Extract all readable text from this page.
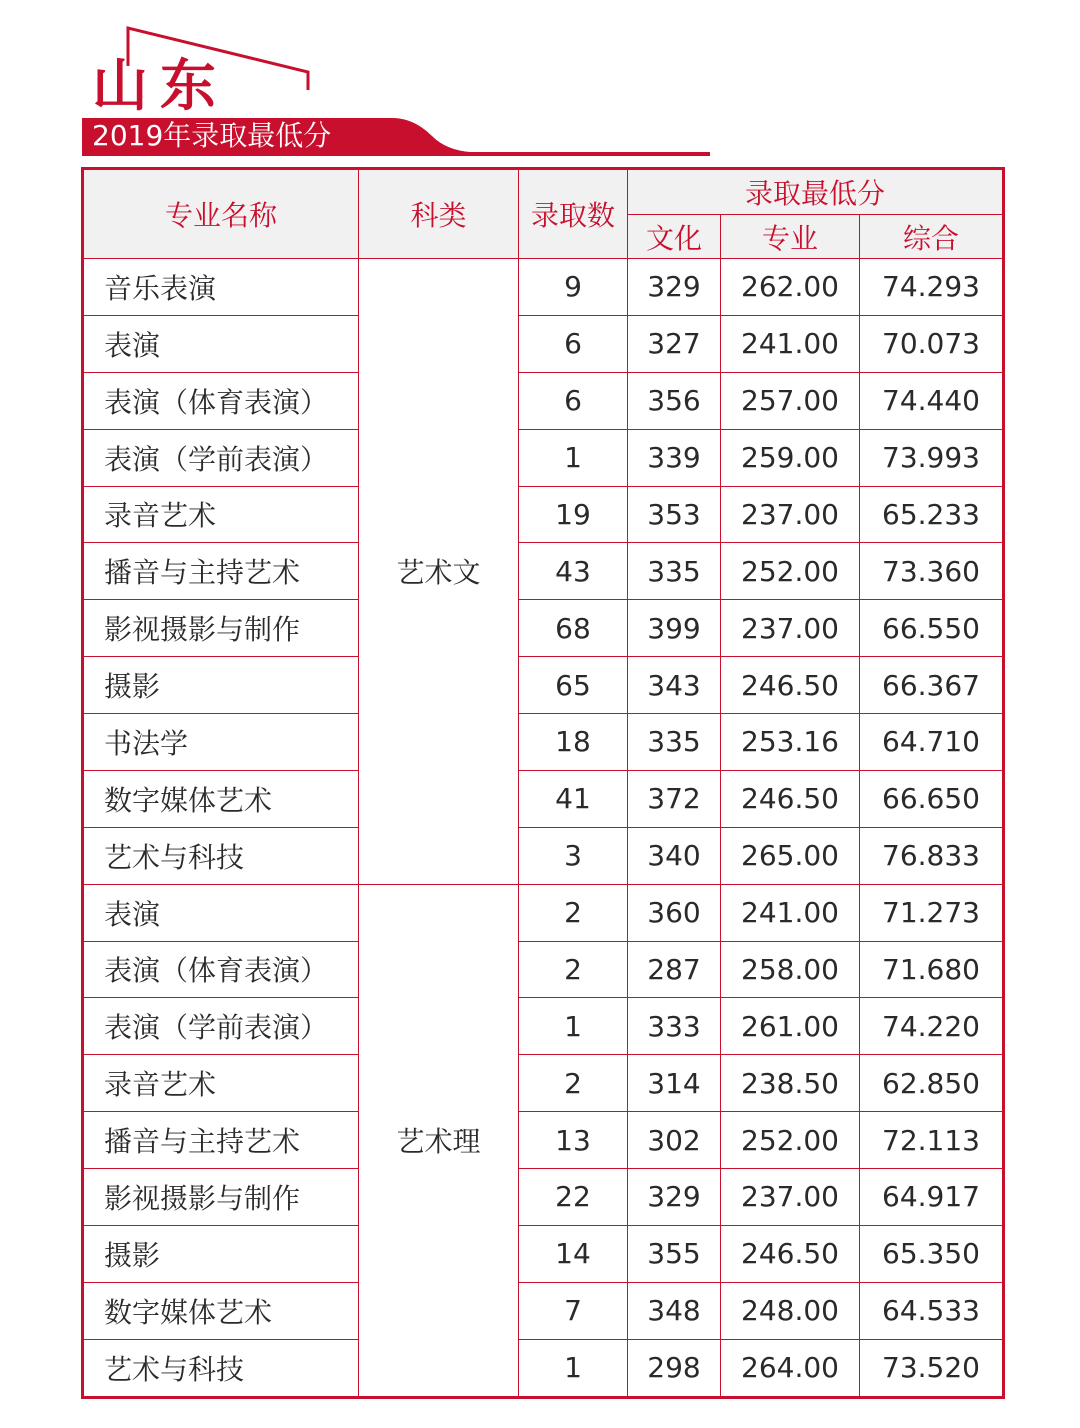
山东
2019年录取最低分
专业名称	科类	录取数	录取最低分		
			文化	专业	综合
音乐表演	艺术文	9	329	262.00	74.293
表演		6	327	241.00	70.073
表演（体育表演）		6	356	257.00	74.440
表演（学前表演）		1	339	259.00	73.993
录音艺术		19	353	237.00	65.233
播音与主持艺术		43	335	252.00	73.360
影视摄影与制作		68	399	237.00	66.550
摄影		65	343	246.50	66.367
书法学		18	335	253.16	64.710
数字媒体艺术		41	372	246.50	66.650
艺术与科技		3	340	265.00	76.833
表演	艺术理	2	360	241.00	71.273
表演（体育表演）		2	287	258.00	71.680
表演（学前表演）		1	333	261.00	74.220
录音艺术		2	314	238.50	62.850
播音与主持艺术		13	302	252.00	72.113
影视摄影与制作		22	329	237.00	64.917
摄影		14	355	246.50	65.350
数字媒体艺术		7	348	248.00	64.533
艺术与科技		1	298	264.00	73.520
